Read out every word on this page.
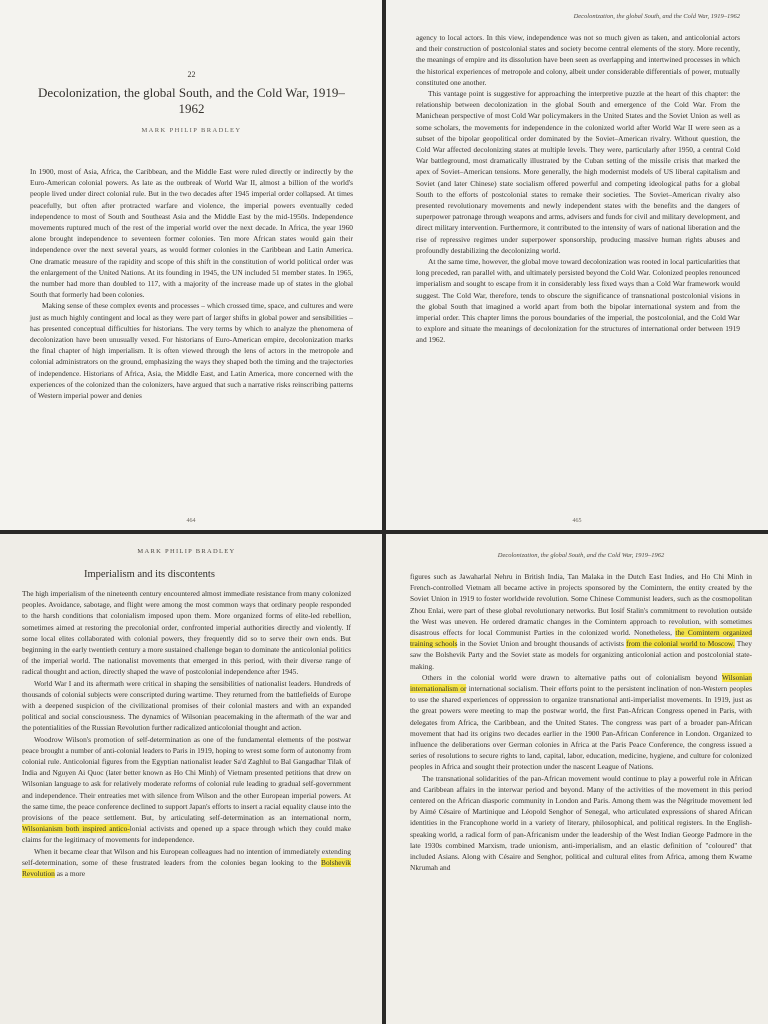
22
Decolonization, the global South, and the Cold War, 1919–1962
MARK PHILIP BRADLEY

In 1900, most of Asia, Africa, the Caribbean, and the Middle East were ruled directly or indirectly by the Euro-American colonial powers. As late as the outbreak of World War II, almost a billion of the world's people lived under direct colonial rule. But in the two decades after 1945 imperial order collapsed. At times peacefully, but often after protracted warfare and violence, the imperial powers eventually ceded independence to most of South and Southeast Asia and the Middle East by the mid-1950s. Independence movements ruptured much of the rest of the imperial world over the next decade. In Africa, the year 1960 alone brought independence to seventeen former colonies. Ten more African states would gain their independence over the next several years, as would former colonies in the Caribbean and Latin America. One dramatic measure of the rapidity and scope of this shift in the constitution of world political order was the enlargement of the United Nations. At its founding in 1945, the UN included 51 member states. In 1965, the number had more than doubled to 117, with a majority of the increase made up of states in the global South that formerly had been colonies.

Making sense of these complex events and processes – which crossed time, space, and cultures and were just as much highly contingent and local as they were part of larger shifts in global power and sensibilities – has presented conceptual difficulties for historians. The very terms by which to analyze the phenomena of decolonization have been unusually vexed. For historians of Euro-American empire, decolonization marks the final chapter of high imperialism. It is often viewed through the lens of actors in the metropole and colonial administrators on the ground, emphasizing the ways they shaped both the timing and the trajectories of independence. Historians of Africa, Asia, the Middle East, and Latin America, more concerned with the experiences of the colonized than the colonizers, have argued that such a narrative risks reinscribing patterns of Western imperial power and denies

464
Decolonization, the global South, and the Cold War, 1919–1962

agency to local actors. In this view, independence was not so much given as taken, and anticolonial actors and their construction of postcolonial states and society become central elements of the story. More recently, the meanings of empire and its dissolution have been seen as overlapping and intertwined processes in which the historical experiences of metropole and colony, albeit under considerable differentials of power, mutually constituted one another.

This vantage point is suggestive for approaching the interpretive puzzle at the heart of this chapter: the relationship between decolonization in the global South and emergence of the Cold War. From the Manichean perspective of most Cold War policymakers in the United States and the Soviet Union as well as some scholars, the movements for independence in the colonized world after World War II were seen as a subset of the bipolar geopolitical order dominated by the Soviet–American rivalry. Without question, the Cold War affected decolonizing states at multiple levels. They were, particularly after 1950, a central Cold War battleground, most dramatically illustrated by the Cuban setting of the missile crisis that marked the apex of Soviet–American tensions. More generally, the high modernist models of US liberal capitalism and Soviet (and later Chinese) state socialism offered powerful and competing ideological paths for a global South to the efforts of postcolonial states to remake their societies. The Soviet–American rivalry also presented revolutionary movements and newly independent states with the benefits and the dangers of superpower patronage through weapons and arms, advisers and funds for civil and military development, and direct military intervention. Furthermore, it contributed to the intensity of wars of national liberation and the rise of repressive regimes under superpower sponsorship, producing massive human rights abuses and profoundly destabilizing the decolonizing world.

At the same time, however, the global move toward decolonization was rooted in local particularities that long preceded, ran parallel with, and ultimately persisted beyond the Cold War. Colonized peoples renounced imperialism and sought to escape from it in considerably less fixed ways than a Cold War framework would suggest. The Cold War, therefore, tends to obscure the significance of transnational postcolonial visions in the global South that imagined a world apart from both the bipolar international system and from the imperial order. This chapter limns the porous boundaries of the imperial, the postcolonial, and the Cold War to explore and situate the meanings of decolonization for the structures of international order between 1919 and 1962.

465
MARK PHILIP BRADLEY
Imperialism and its discontents

The high imperialism of the nineteenth century encountered almost immediate resistance from many colonized peoples. Avoidance, sabotage, and flight were among the most common ways that ordinary people responded to the harsh conditions that colonialism imposed upon them. More organized forms of elite-led rebellion, sometimes aimed at restoring the precolonial order, confronted imperial authorities directly and violently. If some local elites collaborated with colonial powers, they frequently did so to serve their own ends. But beginning in the early twentieth century a more sustained challenge began to dominate the anticolonial politics of the imperial world. The nationalist movements that emerged in this period, with their diverse range of radical thought and action, directly shaped the wave of postcolonial independence after 1945.

World War I and its aftermath were critical in shaping the sensibilities of nationalist leaders. Hundreds of thousands of colonial subjects were conscripted during wartime. They returned from the battlefields of Europe with a deepened suspicion of the civilizational promises of their colonial masters and with an expanded political and social consciousness. The dynamics of Wilsonian peacemaking in the aftermath of the war and the potentialities of the Russian Revolution further radicalized anticolonial thought and action.

Woodrow Wilson's promotion of self-determination as one of the fundamental elements of the postwar peace brought a number of anti-colonial leaders to Paris in 1919, hoping to wrest some form of autonomy from colonial rule. Anticolonial figures from the Egyptian nationalist leader Sa'd Zaghlul to Bal Gangadhar Tilak of India and Nguyen Ai Quoc (later better known as Ho Chi Minh) of Vietnam presented petitions that drew on Wilsonian language to ask for relatively moderate reforms of colonial rule leading to gradual self-government and independence. Their entreaties met with silence from Wilson and the other European imperial powers. At the same time, the peace conference declined to support Japan's efforts to insert a racial equality clause into the provisions of the peace settlement. But, by articulating self-determination as an international norm, Wilsonianism both inspired antico-lonial activists and opened up a space through which they could make claims for the legitimacy of movements for independence.

When it became clear that Wilson and his European colleagues had no intention of immediately extending self-determination, some of these frustrated leaders from the colonies began looking to the Bolshevik Revolution as a more

Decolonization, the global South, and the Cold War, 1919–1962

figures such as Jawaharlal Nehru in British India, Tan Malaka in the Dutch East Indies, and Ho Chi Minh in French-controlled Vietnam all became active in projects sponsored by the Comintern, the entity created by the Soviet Union in 1919 to foster worldwide revolution. Some Chinese Communist leaders, such as the cosmopolitan Zhou Enlai, were part of these global revolutionary networks. But Iosif Stalin's commitment to revolution outside the West was uneven. He ordered dramatic changes in the Comintern approach to revolution, with sometimes disastrous effects for local Communist Parties in the colonized world. Nonetheless, the Comintern organized training schools in the Soviet Union and brought thousands of activists from the colonial world to Moscow. They saw the Bolshevik Party and the Soviet state as models for organizing anticolonial action and postcolonial state-making.

Others in the colonial world were drawn to alternative paths out of colonialism beyond Wilsonian internationalism or international socialism. Their efforts point to the persistent inclination of non-Western peoples to use the shared experiences of oppression to organize transnational anti-imperialist movements. In 1919, just as the great powers were meeting to map the postwar world, the first Pan-African Congress opened in Paris, with delegates from Africa, the Caribbean, and the United States. The congress was part of a broader pan-African movement that had its origins two decades earlier in the 1900 Pan-African Conference in London. Organized to influence the deliberations over German colonies in Africa at the Paris Peace Conference, the congress issued a series of resolutions to secure rights to land, capital, labor, education, medicine, hygiene, and culture for colonized peoples in Africa and sought their protection under the nascent League of Nations.

The transnational solidarities of the pan-African movement would continue to play a powerful role in African and Caribbean affairs in the interwar period and beyond. Many of the activities of the movement in this period centered on the African diasporic community in London and Paris. Among them was the Négritude movement led by Aimé Césaire of Martinique and Léopold Senghor of Senegal, who articulated expressions of shared African identities in the Francophone world in a variety of literary, philosophical, and political registers. In the English-speaking world, a radical form of pan-Africanism under the leadership of the West Indian George Padmore in the late 1930s combined Marxism, trade unionism, anti-imperialism, and an elastic definition of "coloured" that included Asians. Along with Césaire and Senghor, political and cultural elites from Africa, among them Kwame Nkrumah and
